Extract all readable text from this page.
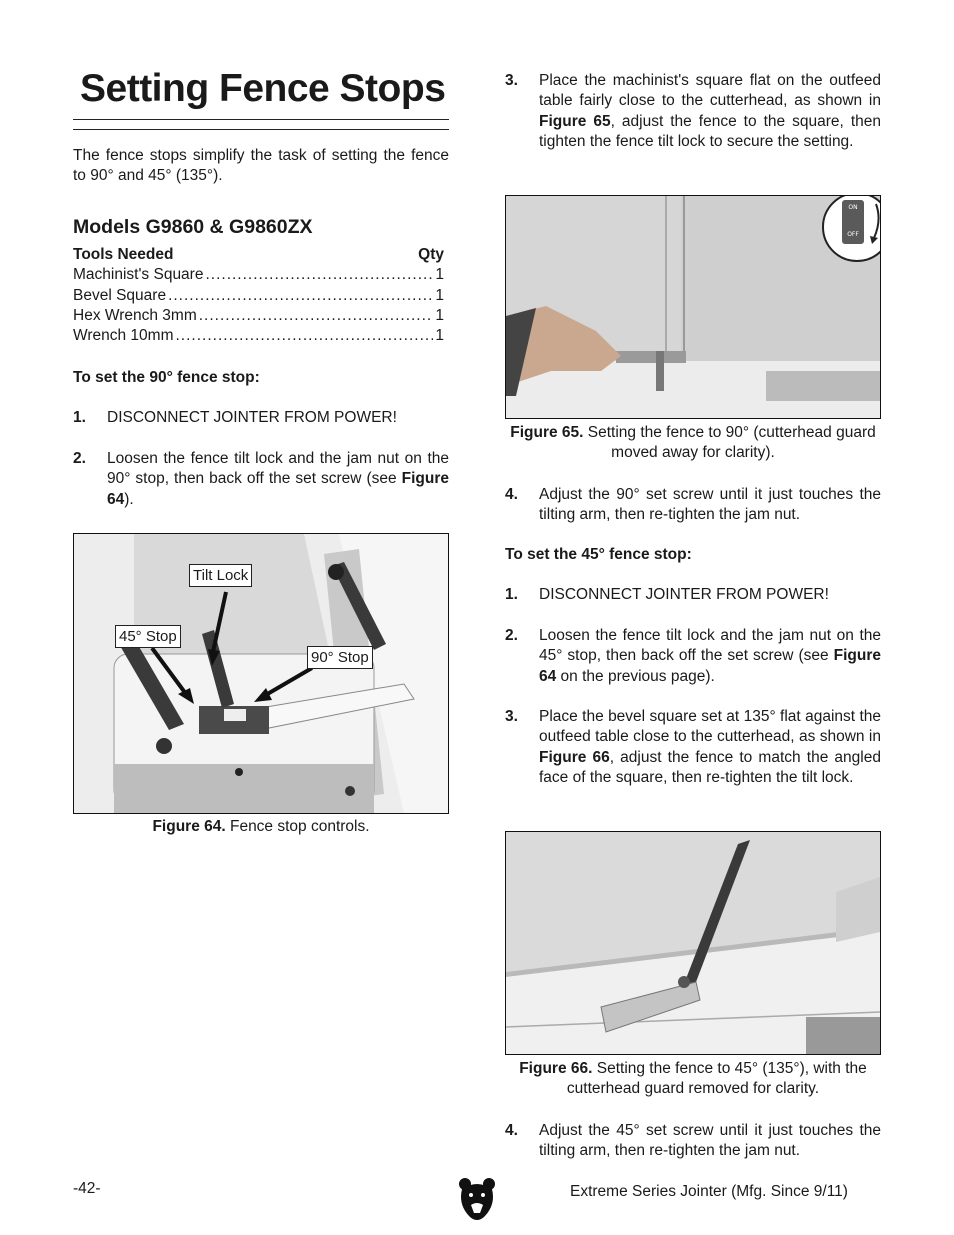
Setting Fence Stops

The fence stops simplify the task of setting the fence to 90° and 45° (135°).

Models G9860 & G9860ZX
Tools Needed	Qty
Machinist's Square .....	1
Bevel Square .....	1
Hex Wrench 3mm .....	1
Wrench 10mm .....	1
To set the 90° fence stop:
1.	DISCONNECT JOINTER FROM POWER!
2.	Loosen the fence tilt lock and the jam nut on the 90° stop, then back off the set screw (see Figure 64).
Tilt Lock
45° Stop
90° Stop
Figure 64. Fence stop controls.
3.	Place the machinist's square flat on the outfeed table fairly close to the cutterhead, as shown in Figure 65, adjust the fence to the square, then tighten the fence tilt lock to secure the setting.
ON
OFF
Figure 65. Setting the fence to 90° (cutterhead guard moved away for clarity).
4.	Adjust the 90° set screw until it just touches the tilting arm, then re-tighten the jam nut.
To set the 45° fence stop:
1.	DISCONNECT JOINTER FROM POWER!
2.	Loosen the fence tilt lock and the jam nut on the 45° stop, then back off the set screw (see Figure 64 on the previous page).
3.	Place the bevel square set at 135° flat against the outfeed table close to the cutterhead, as shown in Figure 66, adjust the fence to match the angled face of the square, then re-tighten the tilt lock.
Figure 66. Setting the fence to 45° (135°), with the cutterhead guard removed for clarity.
4.	Adjust the 45° set screw until it just touches the tilting arm, then re-tighten the jam nut.
-42-	Extreme Series Jointer (Mfg. Since 9/11)
